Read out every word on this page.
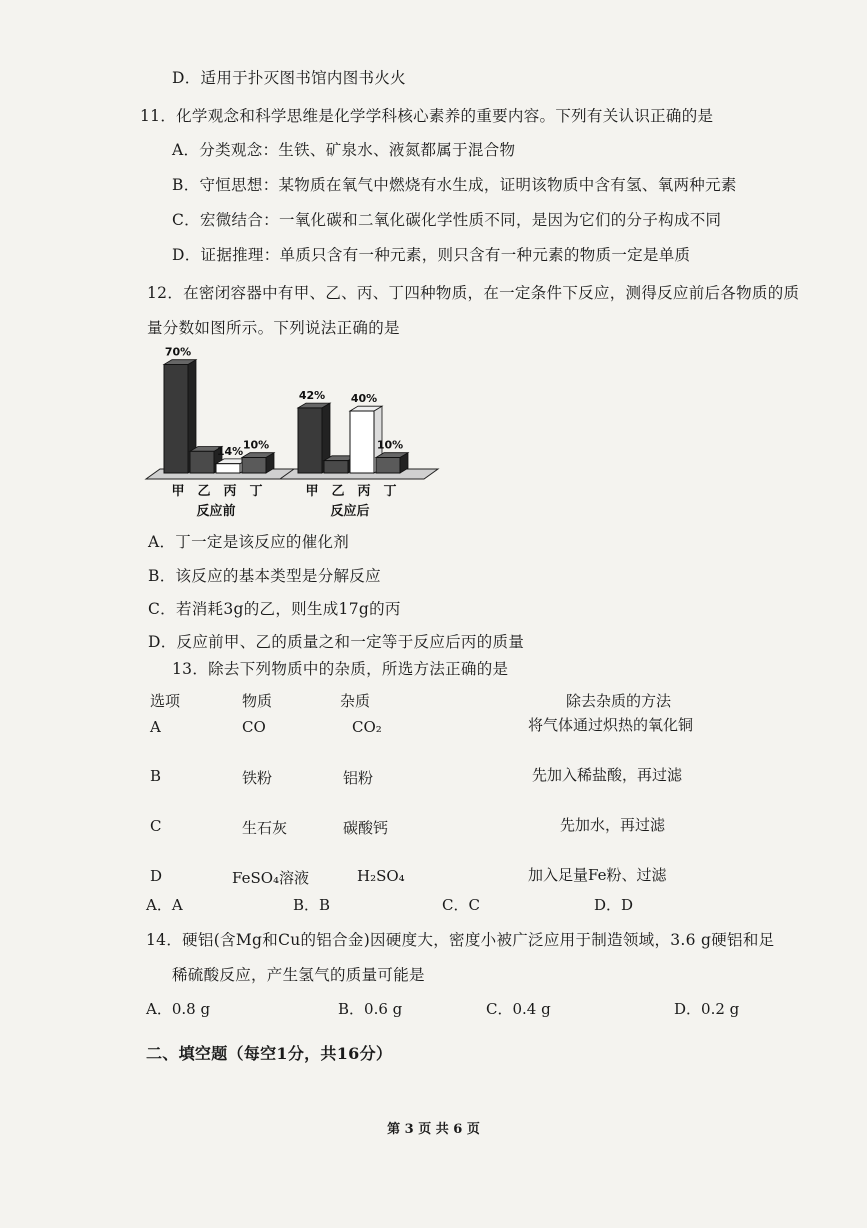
D．适用于扑灭图书馆内图书火火
11．化学观念和科学思维是化学学科核心素养的重要内容。下列有关认识正确的是
A．分类观念：生铁、矿泉水、液氮都属于混合物
B．守恒思想：某物质在氧气中燃烧有水生成，证明该物质中含有氢、氧两种元素
C．宏微结合：一氧化碳和二氧化碳化学性质不同，是因为它们的分子构成不同
D．证据推理：单质只含有一种元素，则只含有一种元素的物质一定是单质
12．在密闭容器中有甲、乙、丙、丁四种物质，在一定条件下反应，测得反应前后各物质的质
量分数如图所示。下列说法正确的是
70%
甲 乙
14%
丙
10%
丁
反应前
42%
甲 乙
40%
丙
10%
丁
反应后
A．丁一定是该反应的催化剂
B．该反应的基本类型是分解反应
C．若消耗3g的乙，则生成17g的丙
D．反应前甲、乙的质量之和一定等于反应后丙的质量
13．除去下列物质中的杂质，所选方法正确的是
选项	物质	杂质	除去杂质的方法
A	CO	CO₂	将气体通过炽热的氧化铜
B	铁粉	铝粉	先加入稀盐酸，再过滤
C	生石灰	碳酸钙	先加水，再过滤
D	FeSO₄溶液	H₂SO₄	加入足量Fe粉、过滤
A．A	B．B	C．C	D．D
14．硬铝(含Mg和Cu的铝合金)因硬度大，密度小被广泛应用于制造领域，3.6 g硬铝和足
稀硫酸反应，产生氢气的质量可能是
A．0.8 g	B．0.6 g	C．0.4 g	D．0.2 g
二、填空题（每空1分，共16分）
第 3 页 共 6 页
